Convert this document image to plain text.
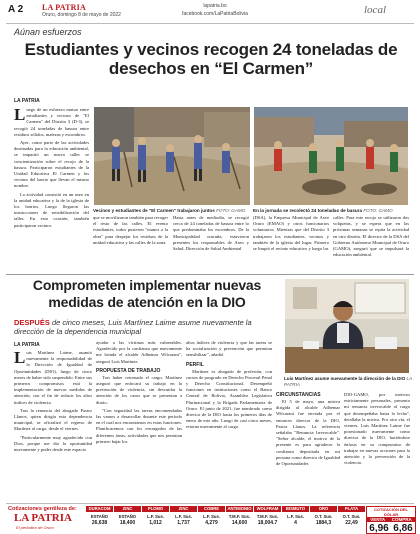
A 2 LA PATRIA
Oruro, domingo 8 de mayo de 2022
lapatria.bo
facebook.com/LaPatriaBolivia	local
Aúnan esfuerzos
Estudiantes y vecinos recogen 24 toneladas de desechos en “El Carmen”
LA PATRIA
L uego de un esfuerzo mutuo entre estudiantes y vecinos de "El Carmen" del Distrito 3 (D-3), se recogió 24 toneladas de basura entre residuos sólidos, malezas y escombros.

Ayer, como parte de las actividades destinadas para la educación ambiental, se impartió un nuevo taller se concientización sobre el recojo de la basura. Participaron estudiantes de la Unidad Educativa El Carmen y los vecinos del barrio que llevan el mismo nombre.

La actividad consistió en un aseo en la unidad educativa y la de la iglesia de los barrios. Luego llegaron las instrucciones de sensibilización del taller. En esta ocasión, también participaron vecinos

Vecinos y estudiantes de "El Carmen" trabajaron juntos FOTO: GAMO	En la jornada se recolectó 24 toneladas de basura FOTO: GAMO

que se movilizaron también para recoger el resto de las calles. El evento estudiantes, todos pusieron "manos a la obra" para despejar los residuos de la unidad educativa y las calles de la zona.

Hasta antes de mediodía, se recogió cerca de 24 toneladas de basura entre lo que predominaba los escombros. De la Municipalidad oruruña, estuvieron presentes los responsables de Aseo y Salud, Dirección de Salud Ambiental

(DSA), la Empresa Municipal de Aseo Oruro (EMAO) y otros funcionarios voluntarios. Mientras que del Distrito 3 trabajaron los estudiantes, vecinos y también de la iglesia del lugar. Primero se limpió el recinto educativo y luego las

calles. Para este recojo se utilizaron dos volquetas, y se espera que en las próximas semanas se repita la actividad en otro distrito. El director de la DSA del Gobierno Autónomo Municipal de Oruro (GAMO), aseguró que se impulsará la educación ambiental.

Comprometen implementar nuevas medidas de atención en la DIO
DESPUÉS de cinco meses, Luis Martínez Laime asume nuevamente la dirección de la dependencia municipal
LA PATRIA
L uis Martínez Laime, asumió nuevamente la responsabilidad de la Dirección de Igualdad de Oportunidades (DIO), luego de cinco meses de haber sido suspendido. Entre sus primeros compromisos está la implementación de nuevas medidas de atención, con el fin de reducir los altos índices de violencia.

Tras la renuncia del abogado Pastor Llanos, quien dirigía esta dependencia municipal, se oficializó el regreso de Martínez al cargo, desde el viernes.

"Particularmente muy agradecido con Dios, porque me dio la oportunidad nuevamente y poder desde este espacio

ayudar a las víctimas más vulnerables. Agradecido por la confianza que nuevamente me brinda el alcalde Adhemar Wilcarani", aseguró Luis Martínez.

PROPUESTA DE TRABAJO

Tras haber retornado el cargo, Martínez aseguró que enfocará su trabajo en la prevención de violencia, sin descuidar la atención de los casos que se presentan a diario.

"Con seguridad las tareas encomendadas las vamos a desarrollar durante este período en el cual nos encontramos en estas funciones. Planificaremos con los encargados de las diferentes áreas, actividades que nos permitan primero bajar los

altos índices de violencia y que las tareas se ha socialización y prevención que permitan sensibilizar", añadió.

PERFIL

Martínez es abogado de profesión, con cursos de posgrado en Derecho Procesal Penal y Derecho Constitucional. Desempeñó funciones en instituciones como el Banco Central de Bolivia, Asamblea Legislativa Plurinacional y la Brigada Parlamentaria de Oruro. El junio de 2021, fue nombrado como director de la DIO hasta los primeros días de enero de este año. Luego de casi cinco meses, retorna nuevamente al cargo.

Luis Martínez asume nuevamente la dirección de la DIO LA PATRIA
CIRCUNSTANCIAS

El 5 de mayo, una misiva dirigida al alcalde Adhemar Wilcarani fue enviada por el entonces director de la DIO, Pastor Llanos. La referencia señalaba "Renuncia Irrevocable". "Señor alcalde, el motivo de la presente es para agradecer la confianza depositada en mi persona como director de Igualdad de Oportunidades

DIO-GAMO, por motivos estrictamente personales, presento mi renuncia irrevocable al cargo que desempeñaba hasta la fecha", detallaba la misiva. Por otra vía, el viernes, Luis Martínez Laime fue posesionado nuevamente como director de la DIO, haciéndose énfasis en su compromiso de trabajar en nuevas acciones para la atención y la prevención de la violencia.

Cotizaciones gentileza de:
LA PATRIA
El periódico de Oruro
DURACOM
ESTAÑO
26,638
ZINC
ESTAÑO
18,400
PLOMO
L.F. Sus.
1,012
ZINC
L.F. Sus.
1,737
COBRE
L.F. Sus.
4,279
ANTIMONIO
T.M.F. Sus.
14,600
WOLFRAM
T.M.F. Sus.
18,004.7
BISMUTO
L.F. Sus.
4
ORO
O.T. Sus.
1884,3
PLATA
O.T. Sus.
22,49
COTIZACIÓN DEL DÓLAR
VENTA COMPRA
6,96 6,86
